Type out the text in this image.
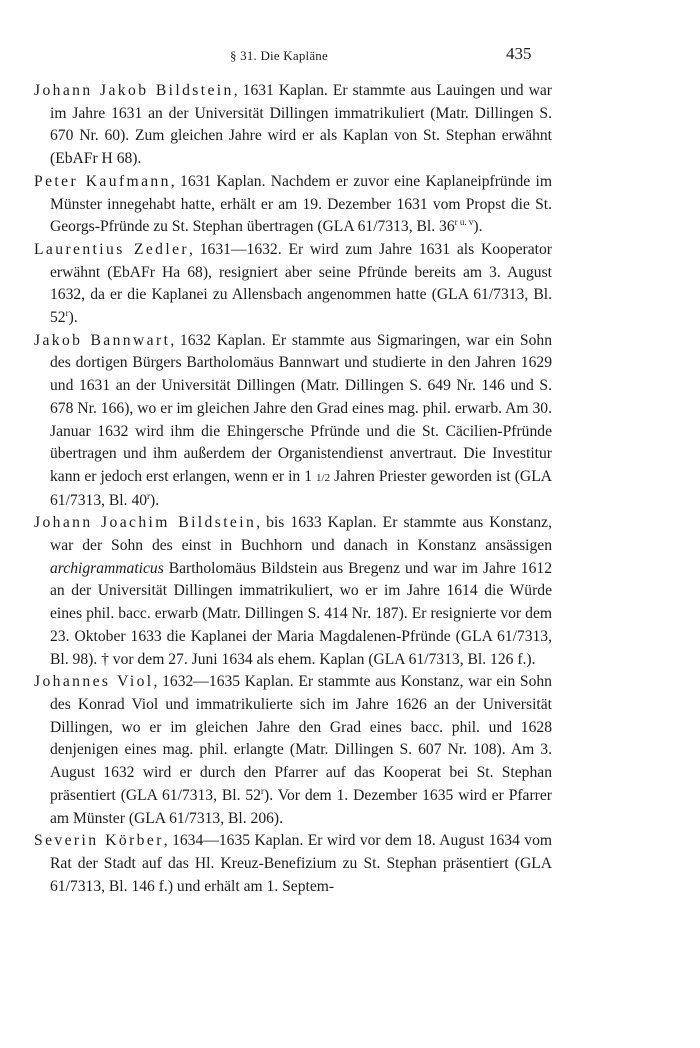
§ 31. Die Kapläne	435

Johann Jakob Bildstein, 1631 Kaplan. Er stammte aus Lauingen und war im Jahre 1631 an der Universität Dillingen immatrikuliert (Matr. Dillingen S. 670 Nr. 60). Zum gleichen Jahre wird er als Kaplan von St. Stephan erwähnt (EbAFr H 68).

Peter Kaufmann, 1631 Kaplan. Nachdem er zuvor eine Kaplaneipfründe im Münster innegehabt hatte, erhält er am 19. Dezember 1631 vom Propst die St. Georgs-Pfründe zu St. Stephan übertragen (GLA 61/7313, Bl. $36^{r u. v}$).

Laurentius Zedler, 1631—1632. Er wird zum Jahre 1631 als Kooperator erwähnt (EbAFr Ha 68), resigniert aber seine Pfründe bereits am 3. August 1632, da er die Kaplanei zu Allensbach angenommen hatte (GLA 61/7313, Bl. 52$^r$).

Jakob Bannwart, 1632 Kaplan. Er stammte aus Sigmaringen, war ein Sohn des dortigen Bürgers Bartholomäus Bannwart und studierte in den Jahren 1629 und 1631 an der Universität Dillingen (Matr. Dillingen S. 649 Nr. 146 und S. 678 Nr. 166), wo er im gleichen Jahre den Grad eines mag. phil. erwarb. Am 30. Januar 1632 wird ihm die Ehingersche Pfründe und die St. Cäcilien-Pfründe übertragen und ihm außerdem der Organistendienst anvertraut. Die Investitur kann er jedoch erst erlangen, wenn er in 1 1/2 Jahren Priester geworden ist (GLA 61/7313, Bl. 40$^r$).

Johann Joachim Bildstein, bis 1633 Kaplan. Er stammte aus Konstanz, war der Sohn des einst in Buchhorn und danach in Konstanz ansässigen archigrammaticus Bartholomäus Bildstein aus Bregenz und war im Jahre 1612 an der Universität Dillingen immatrikuliert, wo er im Jahre 1614 die Würde eines phil. bacc. erwarb (Matr. Dillingen S. 414 Nr. 187). Er resignierte vor dem 23. Oktober 1633 die Kaplanei der Maria Magdalenen-Pfründe (GLA 61/7313, Bl. 98). † vor dem 27. Juni 1634 als ehem. Kaplan (GLA 61/7313, Bl. 126 f.).

Johannes Viol, 1632—1635 Kaplan. Er stammte aus Konstanz, war ein Sohn des Konrad Viol und immatrikulierte sich im Jahre 1626 an der Universität Dillingen, wo er im gleichen Jahre den Grad eines bacc. phil. und 1628 denjenigen eines mag. phil. erlangte (Matr. Dillingen S. 607 Nr. 108). Am 3. August 1632 wird er durch den Pfarrer auf das Kooperat bei St. Stephan präsentiert (GLA 61/7313, Bl. 52$^r$). Vor dem 1. Dezember 1635 wird er Pfarrer am Münster (GLA 61/7313, Bl. 206).

Severin Körber, 1634—1635 Kaplan. Er wird vor dem 18. August 1634 vom Rat der Stadt auf das Hl. Kreuz-Benefizium zu St. Stephan präsentiert (GLA 61/7313, Bl. 146 f.) und erhält am 1. Septem-
